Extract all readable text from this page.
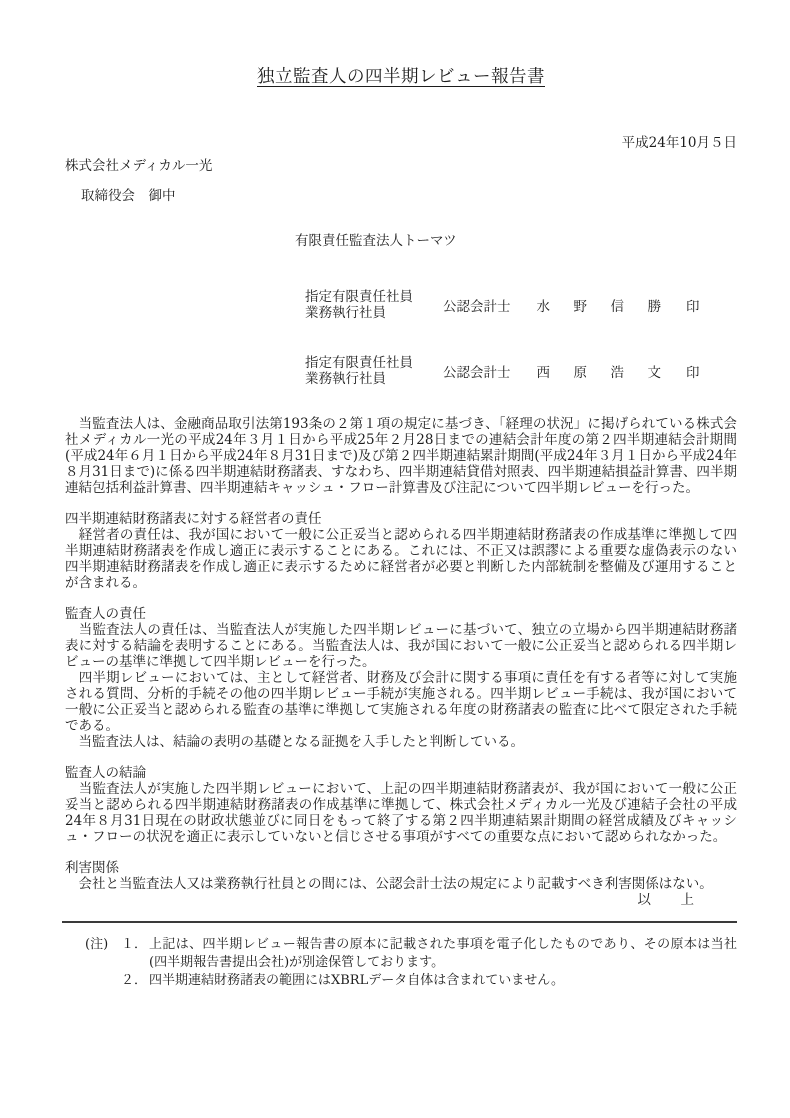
独立監査人の四半期レビュー報告書
平成24年10月５日
株式会社メディカル一光
取締役会　御中
有限責任監査法人トーマツ
指定有限責任社員
業務執行社員	公認会計士 水　野　信　勝 印
指定有限責任社員
業務執行社員	公認会計士 西　原　浩　文 印

　当監査法人は、金融商品取引法第193条の２第１項の規定に基づき、「経理の状況」に掲げられている株式会社メディカル一光の平成24年３月１日から平成25年２月28日までの連結会計年度の第２四半期連結会計期間(平成24年６月１日から平成24年８月31日まで)及び第２四半期連結累計期間(平成24年３月１日から平成24年８月31日まで)に係る四半期連結財務諸表、すなわち、四半期連結貸借対照表、四半期連結損益計算書、四半期連結包括利益計算書、四半期連結キャッシュ・フロー計算書及び注記について四半期レビューを行った。

四半期連結財務諸表に対する経営者の責任

　経営者の責任は、我が国において一般に公正妥当と認められる四半期連結財務諸表の作成基準に準拠して四半期連結財務諸表を作成し適正に表示することにある。これには、不正又は誤謬による重要な虚偽表示のない四半期連結財務諸表を作成し適正に表示するために経営者が必要と判断した内部統制を整備及び運用することが含まれる。

監査人の責任

　当監査法人の責任は、当監査法人が実施した四半期レビューに基づいて、独立の立場から四半期連結財務諸表に対する結論を表明することにある。当監査法人は、我が国において一般に公正妥当と認められる四半期レビューの基準に準拠して四半期レビューを行った。

　四半期レビューにおいては、主として経営者、財務及び会計に関する事項に責任を有する者等に対して実施される質問、分析的手続その他の四半期レビュー手続が実施される。四半期レビュー手続は、我が国において一般に公正妥当と認められる監査の基準に準拠して実施される年度の財務諸表の監査に比べて限定された手続である。

　当監査法人は、結論の表明の基礎となる証拠を入手したと判断している。

監査人の結論

　当監査法人が実施した四半期レビューにおいて、上記の四半期連結財務諸表が、我が国において一般に公正妥当と認められる四半期連結財務諸表の作成基準に準拠して、株式会社メディカル一光及び連結子会社の平成24年８月31日現在の財政状態並びに同日をもって終了する第２四半期連結累計期間の経営成績及びキャッシュ・フローの状況を適正に表示していないと信じさせる事項がすべての重要な点において認められなかった。

利害関係

　会社と当監査法人又は業務執行社員との間には、公認会計士法の規定により記載すべき利害関係はない。

以　上
(注) １． 上記は、四半期レビュー報告書の原本に記載された事項を電子化したものであり、その原本は当社(四半期報告書提出会社)が別途保管しております。
２． 四半期連結財務諸表の範囲にはXBRLデータ自体は含まれていません。
